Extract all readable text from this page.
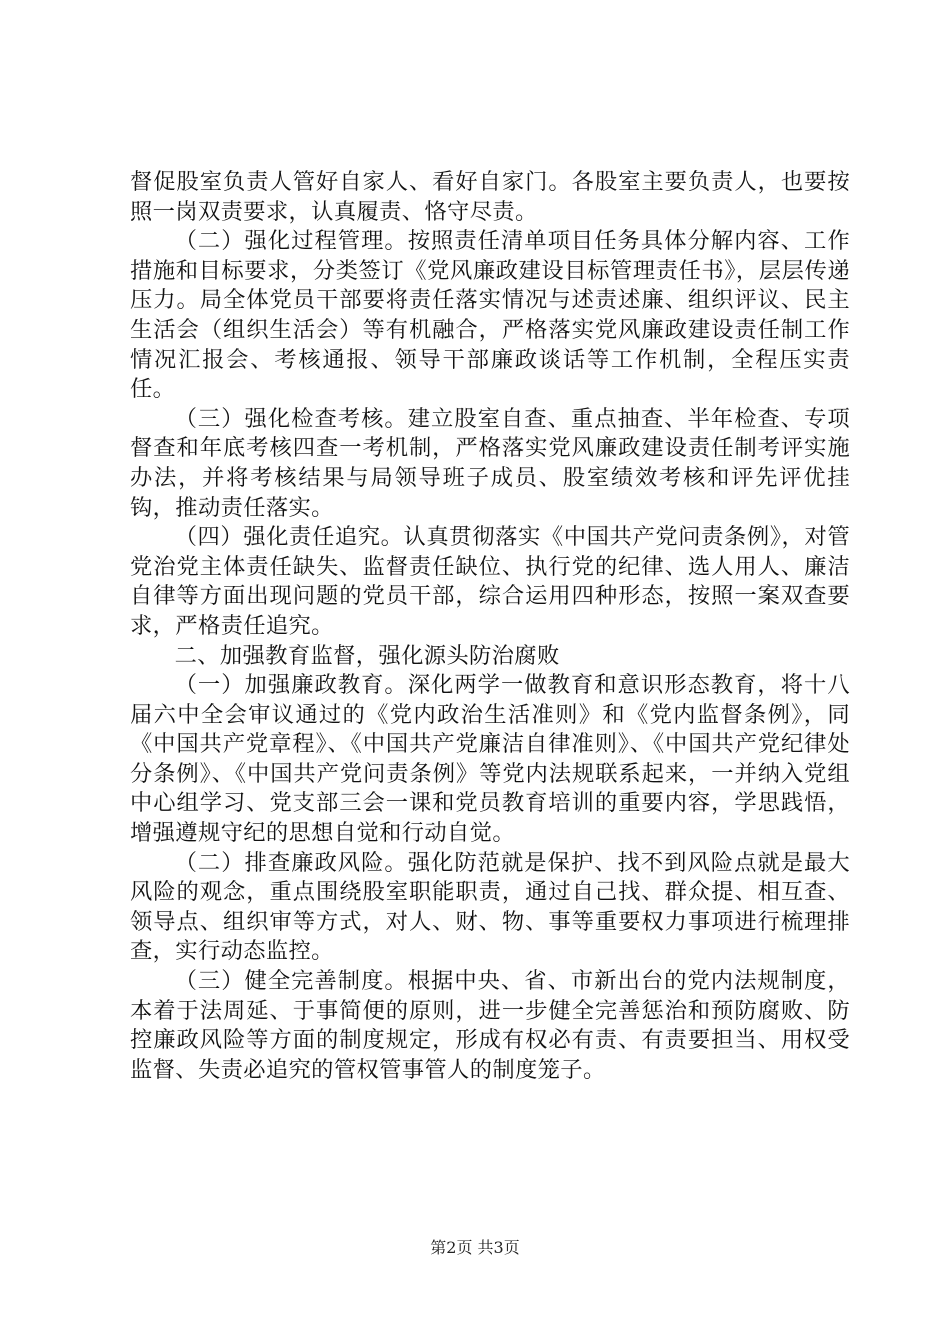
督促股室负责人管好自家人、看好自家门。各股室主要负责人，也要按照一岗双责要求，认真履责、恪守尽责。

（二）强化过程管理。按照责任清单项目任务具体分解内容、工作措施和目标要求，分类签订《党风廉政建设目标管理责任书》，层层传递压力。局全体党员干部要将责任落实情况与述责述廉、组织评议、民主生活会（组织生活会）等有机融合，严格落实党风廉政建设责任制工作情况汇报会、考核通报、领导干部廉政谈话等工作机制，全程压实责任。

（三）强化检查考核。建立股室自查、重点抽查、半年检查、专项督查和年底考核四查一考机制，严格落实党风廉政建设责任制考评实施办法，并将考核结果与局领导班子成员、股室绩效考核和评先评优挂钩，推动责任落实。

（四）强化责任追究。认真贯彻落实《中国共产党问责条例》，对管党治党主体责任缺失、监督责任缺位、执行党的纪律、选人用人、廉洁自律等方面出现问题的党员干部，综合运用四种形态，按照一案双查要求，严格责任追究。

二、加强教育监督，强化源头防治腐败

（一）加强廉政教育。深化两学一做教育和意识形态教育，将十八届六中全会审议通过的《党内政治生活准则》和《党内监督条例》，同《中国共产党章程》、《中国共产党廉洁自律准则》、《中国共产党纪律处分条例》、《中国共产党问责条例》等党内法规联系起来，一并纳入党组中心组学习、党支部三会一课和党员教育培训的重要内容，学思践悟，增强遵规守纪的思想自觉和行动自觉。

（二）排查廉政风险。强化防范就是保护、找不到风险点就是最大风险的观念，重点围绕股室职能职责，通过自己找、群众提、相互查、领导点、组织审等方式，对人、财、物、事等重要权力事项进行梳理排查，实行动态监控。

（三）健全完善制度。根据中央、省、市新出台的党内法规制度，本着于法周延、于事简便的原则，进一步健全完善惩治和预防腐败、防控廉政风险等方面的制度规定，形成有权必有责、有责要担当、用权受监督、失责必追究的管权管事管人的制度笼子。

第2页 共3页
